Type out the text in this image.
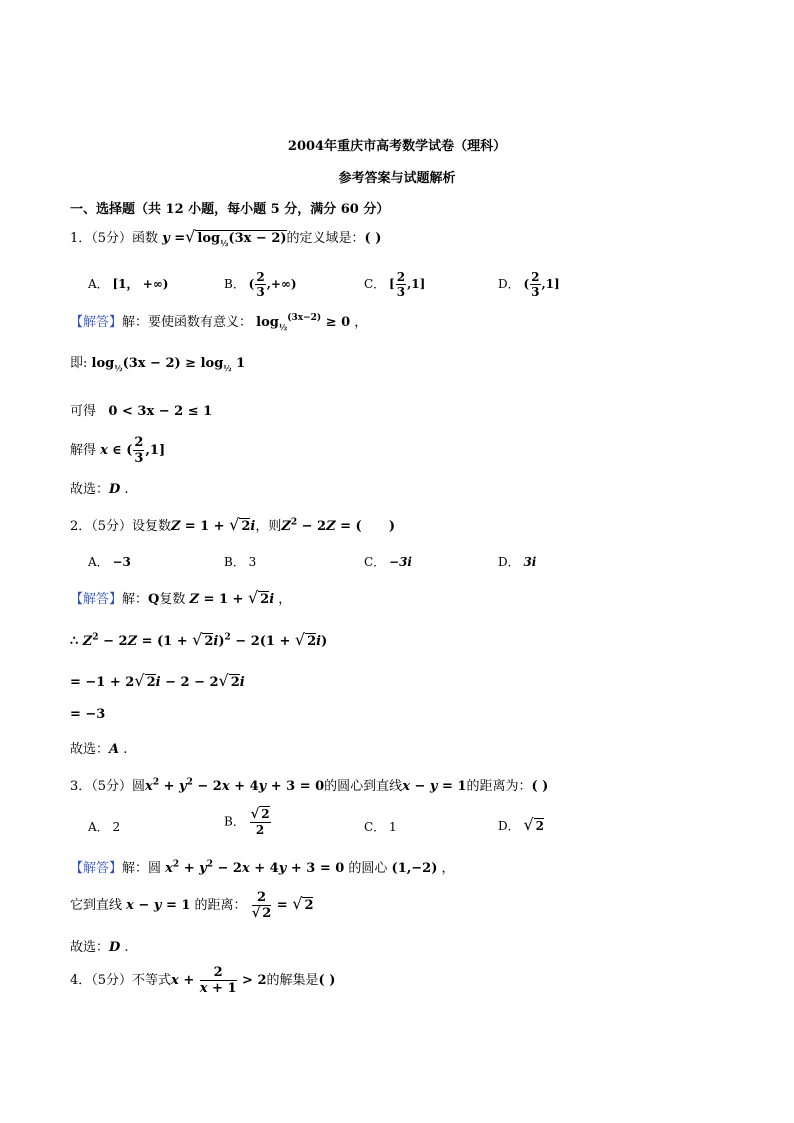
2004年重庆市高考数学试卷（理科）
参考答案与试题解析
一、选择题（共 12 小题，每小题 5 分，满分 60 分）
1．（5分）函数 y =√ $\log_{\frac{1}{2}}(3x - 2)$的定义域是：( )
A． [1， +∞)	B． ( $\frac{2}{3}$ ,+∞)	C． [ $\frac{2}{3} ,1$]	D． ( $\frac{2}{3} ,1$]
【解答】解：要使函数有意义： $\log_{\frac{1}{2}}^{(3x-2)} \ge 0$ ，
即: $\log_{\frac{1}{2}}(3x - 2) \ge \log_{\frac{1}{2}} 1$
可得   0 < 3x − 2 ≤ 1
解得 x ∈ ( $\frac{2}{3} ,1$]
故选：D .
2．（5分）设复数Z = 1 + √ 2i，则$Z^2 - 2Z$ = (      )
A． −3	B． 3	C． −3i	D． 3i
【解答】解：Q复数 Z = 1 + √ 2i ，
∴ $Z^2 - 2Z = (1$ + √ 2i)$^2$ − 2(1 + √ 2i)
= −1 + 2√ 2i − 2 − 2√ 2i
= −3
故选：A .
3．（5分）圆$x^2 + y^2 - 2x + 4y + 3 = 0$的圆心到直线x − y = 1的距离为：( )
A． 2	B． $\frac{√ 2}{2}$	C． 1	D． √ 2
【解答】解：圆 $x^2 + y^2 - 2x + 4y + 3 = 0$ 的圆心 (1,−2) ，
它到直线 x − y = 1 的距离： $\frac{2}{√ 2}$ = √ 2
故选：D .
4．（5分）不等式$x + \frac{2}{x + 1} > 2$的解集是( )
